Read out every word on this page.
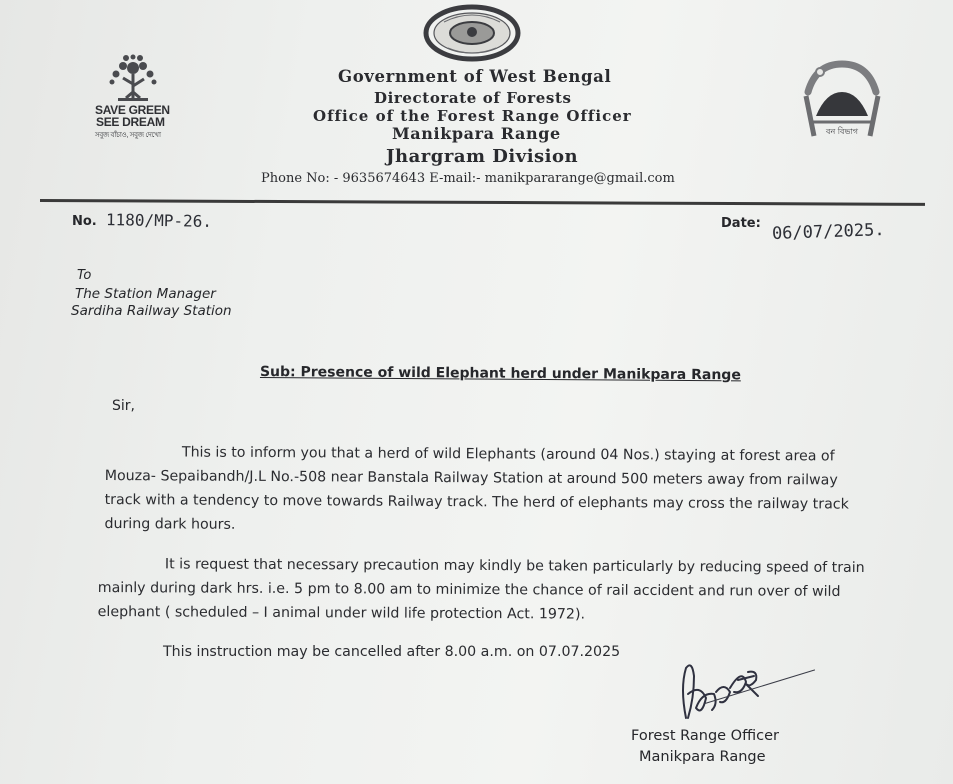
SAVE GREEN
SEE DREAM
সবুজ বাঁচাও, সবুজ দেখো	বন বিভাগ
Government of West Bengal
Directorate of Forests
Office of the Forest Range Officer
Manikpara Range
Jhargram Division
Phone No: - 9635674643 E-mail:- manikpararange@gmail.com
No. 1180/MP-26.	Date: 06/07/2025.
To
The Station Manager
Sardiha Railway Station
Sub: Presence of wild Elephant herd under Manikpara Range
Sir,
This is to inform you that a herd of wild Elephants (around 04 Nos.) staying at forest area of
Mouza- Sepaibandh/J.L No.-508 near Banstala Railway Station at around 500 meters away from railway
track with a tendency to move towards Railway track. The herd of elephants may cross the railway track
during dark hours.
It is request that necessary precaution may kindly be taken particularly by reducing speed of train
mainly during dark hrs. i.e. 5 pm to 8.00 am to minimize the chance of rail accident and run over of wild
elephant ( scheduled – I animal under wild life protection Act. 1972).
This instruction may be cancelled after 8.00 a.m. on 07.07.2025
Forest Range Officer
Manikpara Range
